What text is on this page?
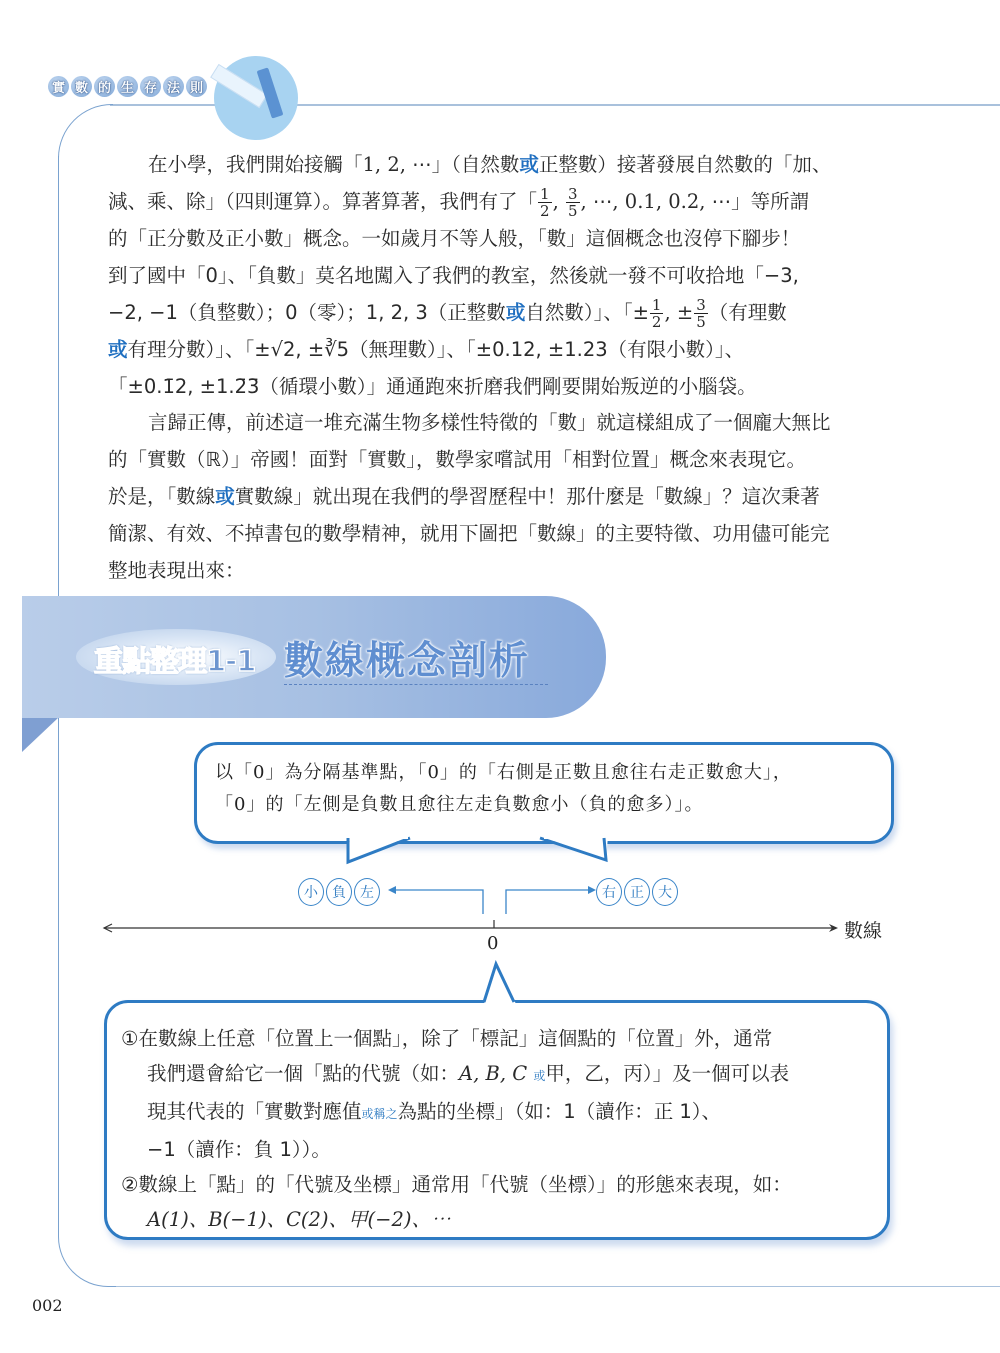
實 數 的 生 存 法 則

在小學，我們開始接觸「1, 2, ⋯」（自然數或正整數）接著發展自然數的「加、

減、乘、除」（四則運算）。算著算著，我們有了「 $\frac{1}{2}$ , $\frac{3}{5}$ , ⋯, 0.1, 0.2, ⋯」等所謂

的「正分數及正小數」概念。一如歲月不等人般，「數」這個概念也沒停下腳步！

到了國中「0」、「負數」莫名地闖入了我們的教室，然後就一發不可收拾地「−3,

−2, −1（負整數）；0（零）；1, 2, 3（正整數或自然數）」、「± $\frac{1}{2}$ , ± $\frac{3}{5}$ （有理數

或有理分數）」、「±√2, ±∛5（無理數）」、「±0.12, ±1.23（有限小數）」、

「±0.1̄2, ±1.2̄3̄（循環小數）」通通跑來折磨我們剛要開始叛逆的小腦袋。

言歸正傳，前述這一堆充滿生物多樣性特徵的「數」就這樣組成了一個龐大無比

的「實數（ℝ）」帝國！面對「實數」，數學家嚐試用「相對位置」概念來表現它。

於是，「數線或實數線」就出現在我們的學習歷程中！那什麼是「數線」？這次秉著

簡潔、有效、不掉書包的數學精神，就用下圖把「數線」的主要特徵、功用儘可能完

整地表現出來：

重點整理1-1 數線概念剖析
以「0」為分隔基準點，「0」的「右側是正數且愈往右走正數愈大」，
「0」的「左側是負數且愈往左走負數愈小（負的愈多）」。
小	負	左	右	正	大
數線
0

①在數線上任意「位置上一個點」，除了「標記」這個點的「位置」外，通常

我們還會給它一個「點的代號（如：A, B, C 或甲，乙，丙）」及一個可以表

現其代表的「實數對應值或稱之為點的坐標」（如：1（讀作：正 1）、

−1（讀作：負 1））。

②數線上「點」的「代號及坐標」通常用「代號（坐標）」的形態來表現，如：

A(1)、B(−1)、C(2)、甲(−2)、⋯

002
